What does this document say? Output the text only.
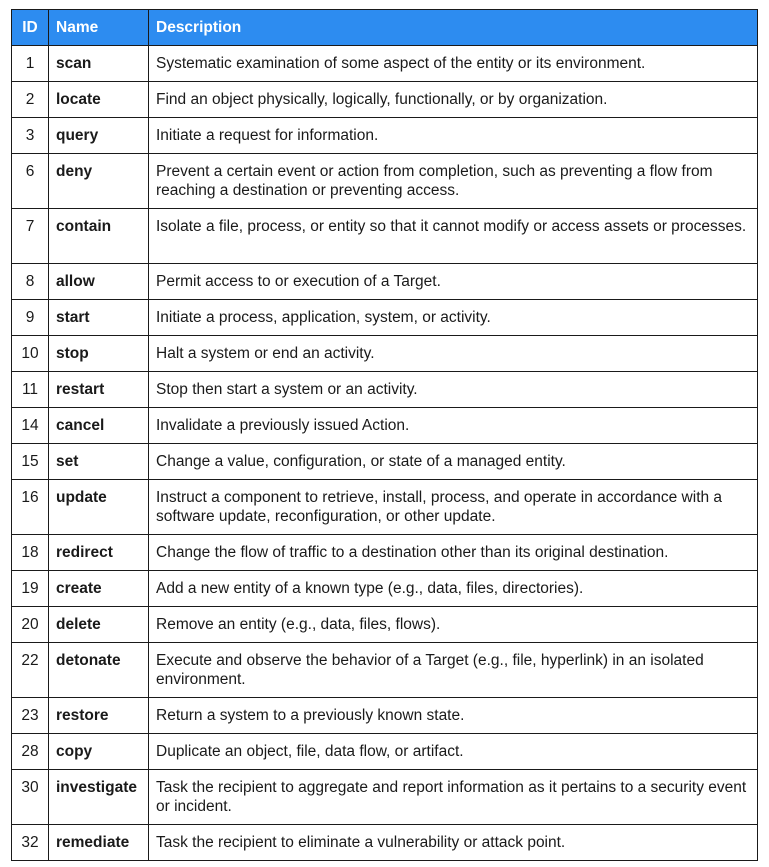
ID	Name	Description
1	scan	Systematic examination of some aspect of the entity or its environment.
2	locate	Find an object physically, logically, functionally, or by organization.
3	query	Initiate a request for information.
6	deny	Prevent a certain event or action from completion, such as preventing a flow from reaching a destination or preventing access.
7	contain	Isolate a file, process, or entity so that it cannot modify or access assets or processes.
8	allow	Permit access to or execution of a Target.
9	start	Initiate a process, application, system, or activity.
10	stop	Halt a system or end an activity.
11	restart	Stop then start a system or an activity.
14	cancel	Invalidate a previously issued Action.
15	set	Change a value, configuration, or state of a managed entity.
16	update	Instruct a component to retrieve, install, process, and operate in accordance with a software update, reconfiguration, or other update.
18	redirect	Change the flow of traffic to a destination other than its original destination.
19	create	Add a new entity of a known type (e.g., data, files, directories).
20	delete	Remove an entity (e.g., data, files, flows).
22	detonate	Execute and observe the behavior of a Target (e.g., file, hyperlink) in an isolated environment.
23	restore	Return a system to a previously known state.
28	copy	Duplicate an object, file, data flow, or artifact.
30	investigate	Task the recipient to aggregate and report information as it pertains to a security event or incident.
32	remediate	Task the recipient to eliminate a vulnerability or attack point.
